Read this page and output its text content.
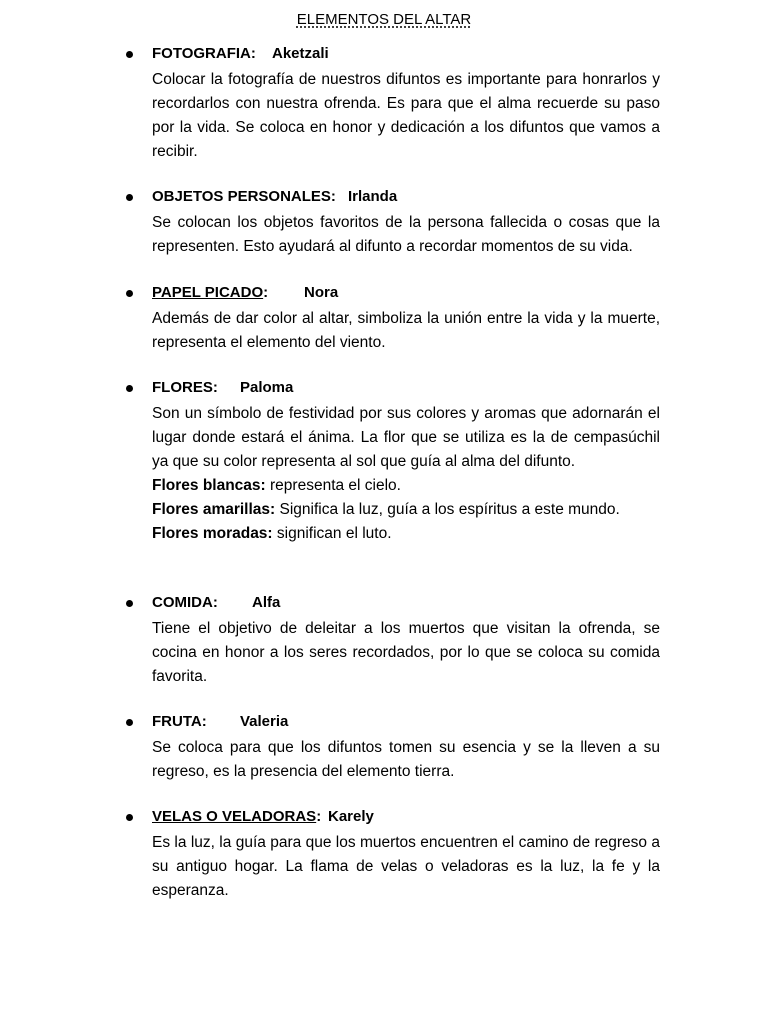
ELEMENTOS DEL ALTAR
FOTOGRAFIA: Aketzali

Colocar la fotografía de nuestros difuntos es importante para honrarlos y recordarlos con nuestra ofrenda. Es para que el alma recuerde su paso por la vida. Se coloca en honor y dedicación a los difuntos que vamos a recibir.

OBJETOS PERSONALES: Irlanda

Se colocan los objetos favoritos de la persona fallecida o cosas que la representen. Esto ayudará al difunto a recordar momentos de su vida.

PAPEL PICADO: Nora

Además de dar color al altar, simboliza la unión entre la vida y la muerte, representa el elemento del viento.

FLORES: Paloma

Son un símbolo de festividad por sus colores y aromas que adornarán el lugar donde estará el ánima. La flor que se utiliza es la de cempasúchil ya que su color representa al sol que guía al alma del difunto.

Flores blancas: representa el cielo.

Flores amarillas: Significa la luz, guía a los espíritus a este mundo.

Flores moradas: significan el luto.

COMIDA: Alfa

Tiene el objetivo de deleitar a los muertos que visitan la ofrenda, se cocina en honor a los seres recordados, por lo que se coloca su comida favorita.

FRUTA: Valeria

Se coloca para que los difuntos tomen su esencia y se la lleven a su regreso, es la presencia del elemento tierra.

VELAS O VELADORAS: Karely

Es la luz, la guía para que los muertos encuentren el camino de regreso a su antiguo hogar. La flama de velas o veladoras es la luz, la fe y la esperanza.
